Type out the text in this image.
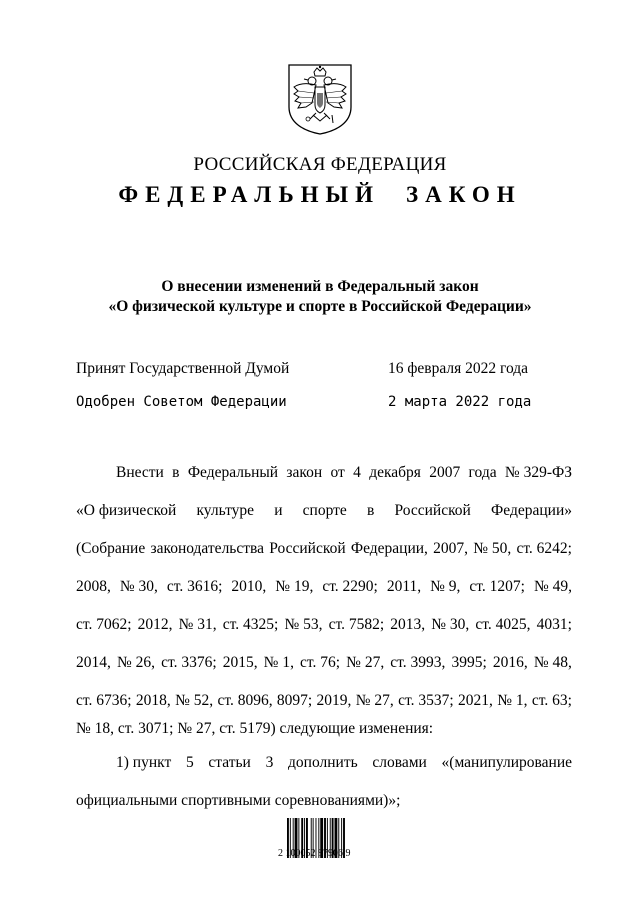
РОССИЙСКАЯ ФЕДЕРАЦИЯ
ФЕДЕРАЛЬНЫЙ ЗАКОН
О внесении изменений в Федеральный закон
«О физической культуре и спорте в Российской Федерации»
Принят Государственной Думой	16 февраля 2022 года
Одобрен Советом Федерации	2 марта 2022 года
Внести в Федеральный закон от 4 декабря 2007 года № 329-ФЗ
«О физической культуре и спорте в Российской Федерации»
(Собрание законодательства Российской Федерации, 2007, № 50, ст. 6242;
2008, № 30, ст. 3616; 2010, № 19, ст. 2290; 2011, № 9, ст. 1207; № 49,
ст. 7062; 2012, № 31, ст. 4325; № 53, ст. 7582; 2013, № 30, ст. 4025, 4031;
2014, № 26, ст. 3376; 2015, № 1, ст. 76; № 27, ст. 3993, 3995; 2016, № 48,
ст. 6736; 2018, № 52, ст. 8096, 8097; 2019, № 27, ст. 3537; 2021, № 1, ст. 63;
№ 18, ст. 3071; № 27, ст. 5179) следующие изменения:
1) пункт 5 статьи 3 дополнить словами «(манипулирование
официальными спортивными соревнованиями)»;
2 100052 97906 9
